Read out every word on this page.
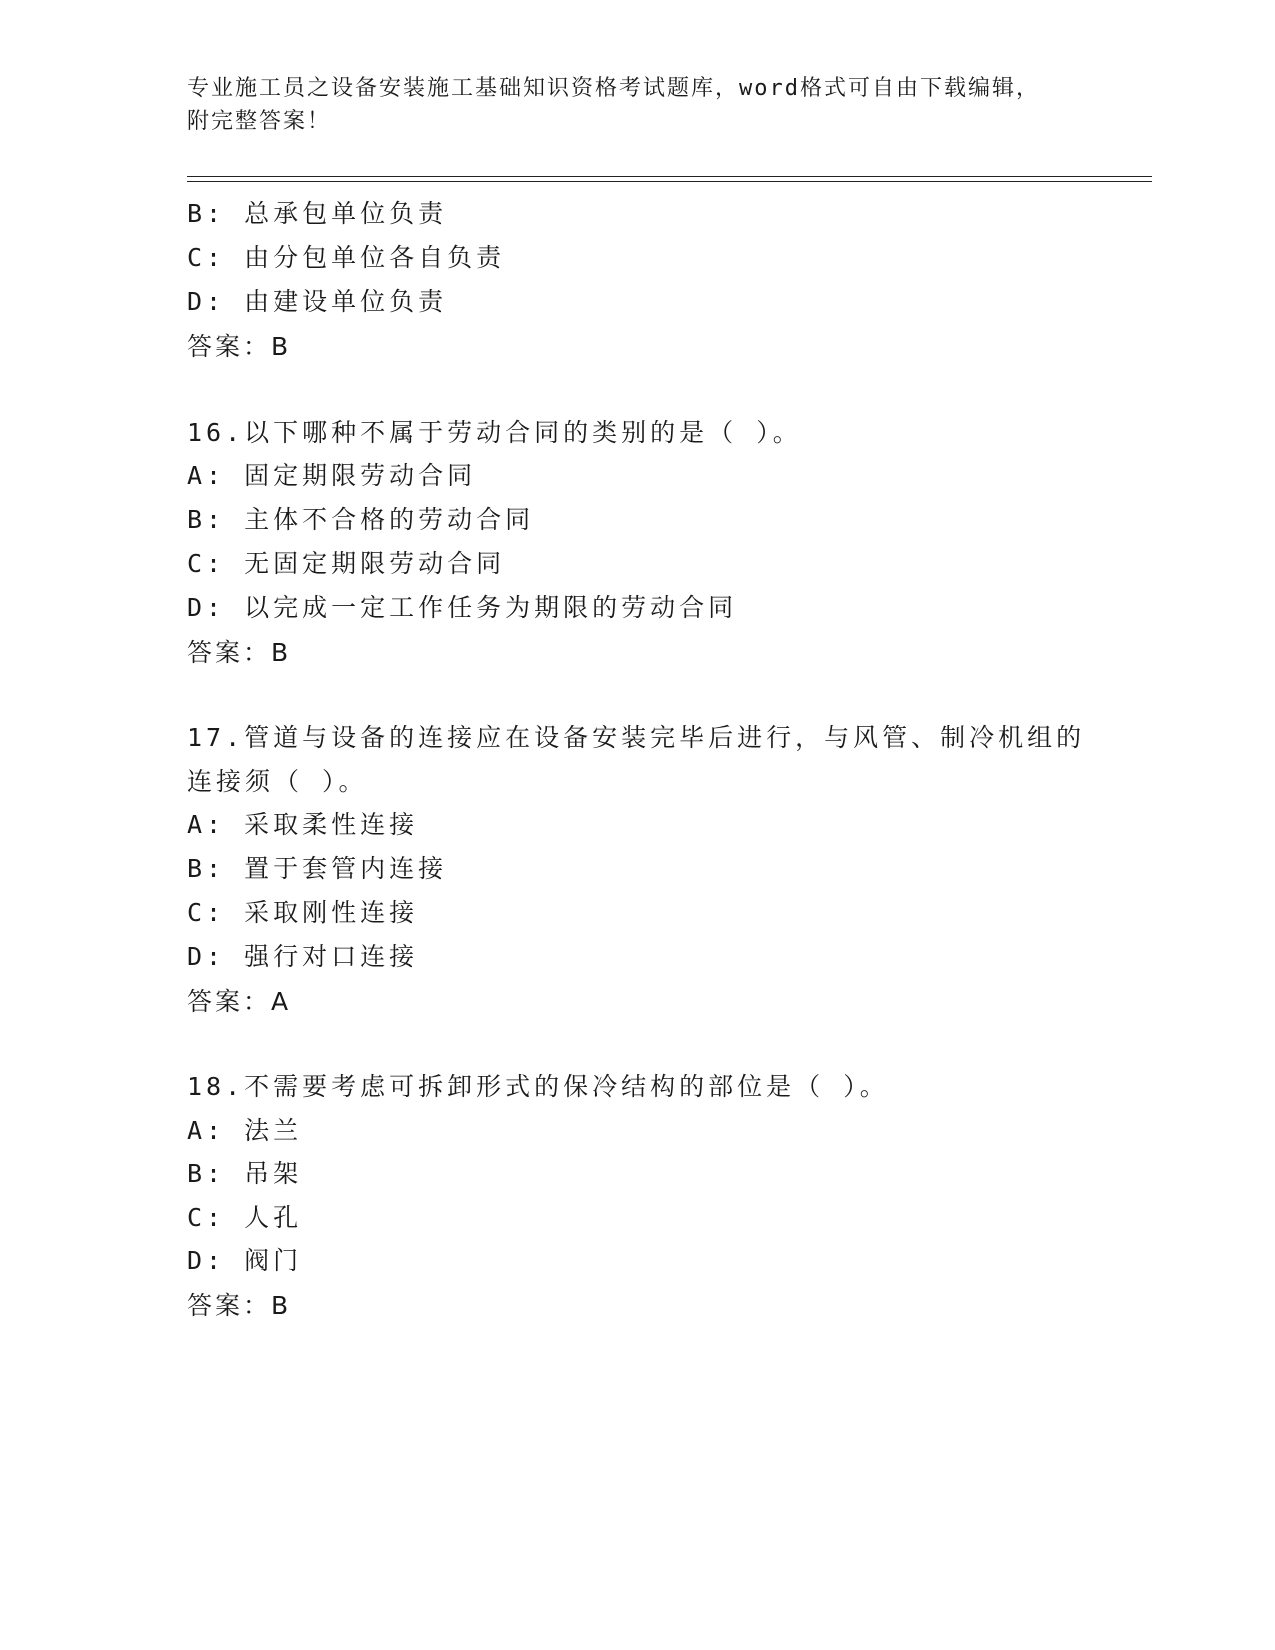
专业施工员之设备安装施工基础知识资格考试题库，word格式可自由下载编辑，
附完整答案！
B: 总承包单位负责
C: 由分包单位各自负责
D: 由建设单位负责
答案：B
16.以下哪种不属于劳动合同的类别的是（ ）。
A: 固定期限劳动合同
B: 主体不合格的劳动合同
C: 无固定期限劳动合同
D: 以完成一定工作任务为期限的劳动合同
答案：B
17.管道与设备的连接应在设备安装完毕后进行，与风管、制冷机组的
连接须（ ）。
A: 采取柔性连接
B: 置于套管内连接
C: 采取刚性连接
D: 强行对口连接
答案：A
18.不需要考虑可拆卸形式的保冷结构的部位是（ ）。
A: 法兰
B: 吊架
C: 人孔
D: 阀门
答案：B
